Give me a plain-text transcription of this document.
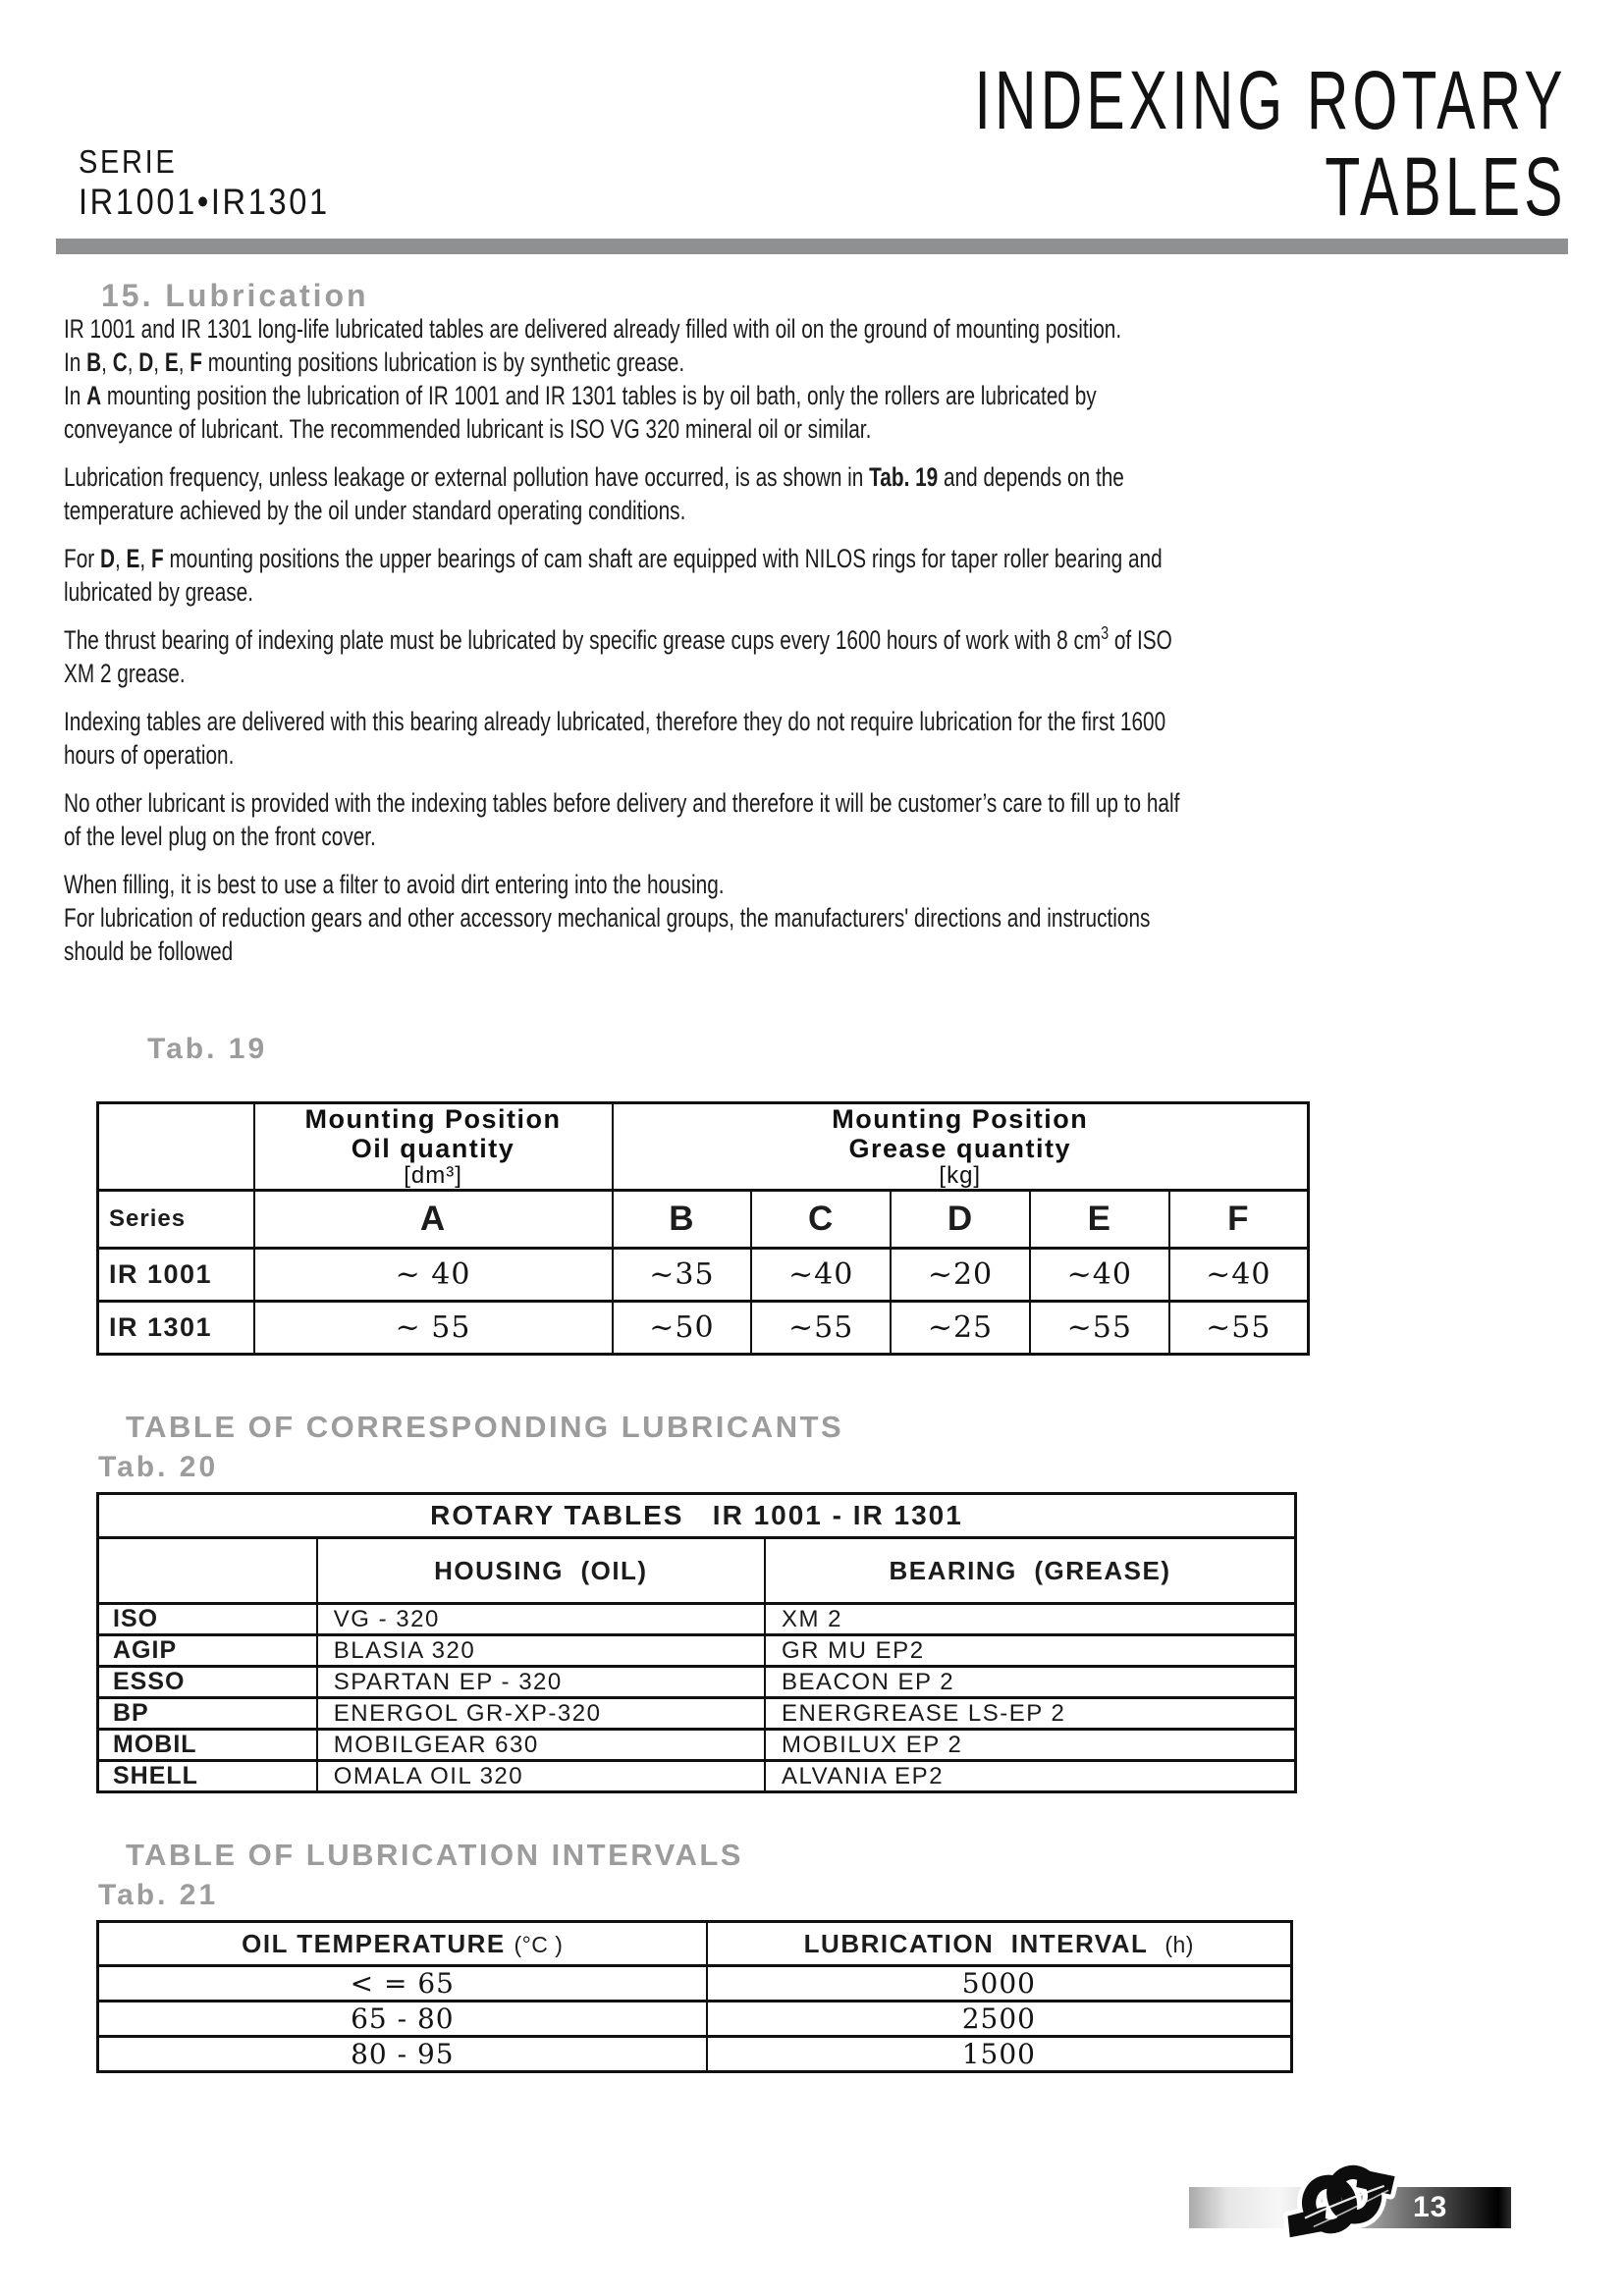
SERIE
IR1001•IR1301
INDEXING ROTARY
TABLES
15. Lubrication

IR 1001 and IR 1301 long-life lubricated tables are delivered already filled with oil on the ground of mounting position.
In B, C, D, E, F mounting positions lubrication is by synthetic grease.
In A mounting position the lubrication of IR 1001 and IR 1301 tables is by oil bath, only the rollers are lubricated by conveyance of lubricant. The recommended lubricant is ISO VG 320 mineral oil or similar.

Lubrication frequency, unless leakage or external pollution have occurred, is as shown in Tab. 19 and depends on the temperature achieved by the oil under standard operating conditions.

For D, E, F mounting positions the upper bearings of cam shaft are equipped with NILOS rings for taper roller bearing and lubricated by grease.

The thrust bearing of indexing plate must be lubricated by specific grease cups every 1600 hours of work with 8 $cm^3$ of ISO XM 2 grease.

Indexing tables are delivered with this bearing already lubricated, therefore they do not require lubrication for the first 1600 hours of operation.

No other lubricant is provided with the indexing tables before delivery and therefore it will be customer’s care to fill up to half of the level plug on the front cover.

When filling, it is best to use a filter to avoid dirt entering into the housing.
For lubrication of reduction gears and other accessory mechanical groups, the manufacturers' directions and instructions should be followed

Tab. 19

Mounting Position
Oil quantity
[dm³]

Mounting Position
Grease quantity
[kg]

Series	A	B	C	D	E	F
IR 1001	~ 40	~35	~40	~20	~40	~40
IR 1301	~ 55	~50	~55	~25	~55	~55

TABLE OF CORRESPONDING LUBRICANTS

Tab. 20

ROTARY TABLES   IR 1001 - IR 1301		
	HOUSING  (OIL)	BEARING  (GREASE)
ISO	VG - 320	XM 2
AGIP	BLASIA 320	GR MU EP2
ESSO	SPARTAN EP - 320	BEACON EP 2
BP	ENERGOL GR-XP-320	ENERGREASE LS-EP 2
MOBIL	MOBILGEAR 630	MOBILUX EP 2
SHELL	OMALA OIL 320	ALVANIA EP2

TABLE OF LUBRICATION INTERVALS

Tab. 21

OIL TEMPERATURE (°C )	LUBRICATION  INTERVAL  (h)
< = 65	5000
65 - 80	2500
80 - 95	1500
13
